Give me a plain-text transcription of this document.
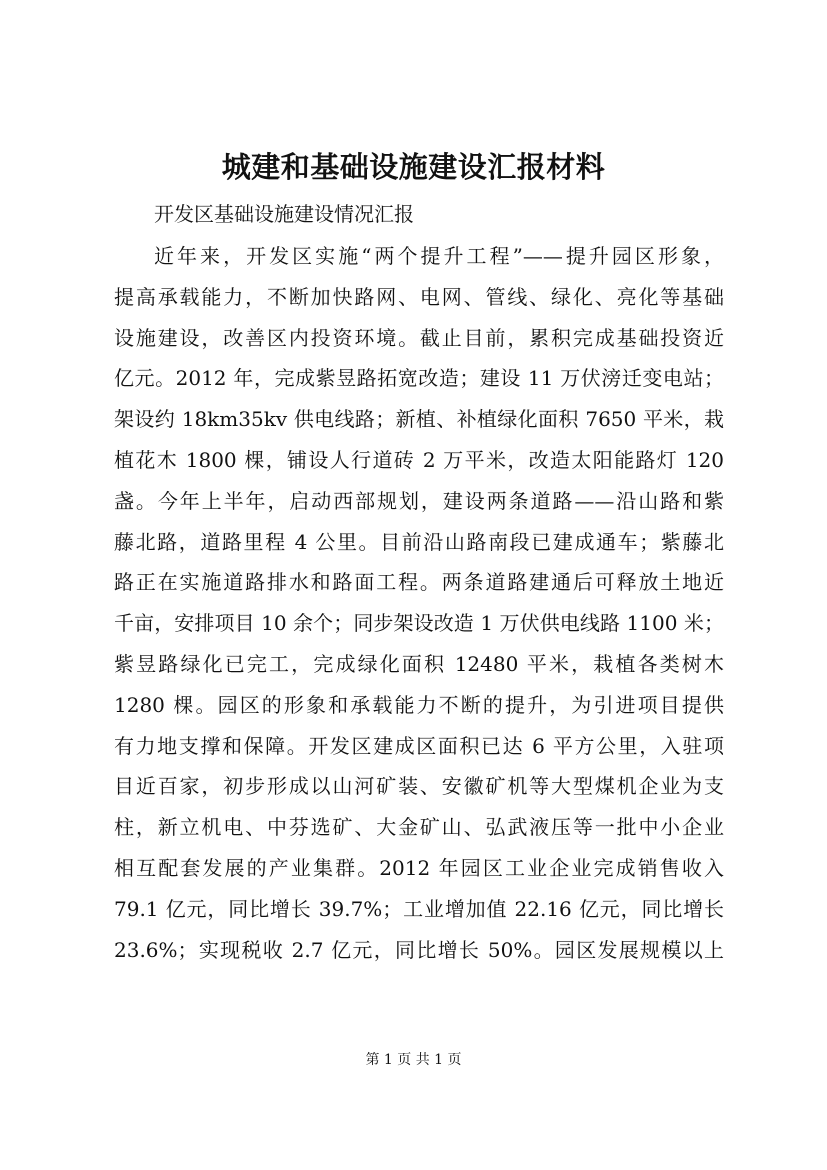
城建和基础设施建设汇报材料
开发区基础设施建设情况汇报
近年来，开发区实施“两个提升工程”——提升园区形象，
提高承载能力，不断加快路网、电网、管线、绿化、亮化等基础
设施建设，改善区内投资环境。截止目前，累积完成基础投资近
亿元。2012 年，完成紫昱路拓宽改造；建设 11 万伏滂迁变电站；
架设约 18km35kv 供电线路；新植、补植绿化面积 7650 平米，栽
植花木 1800 棵，铺设人行道砖 2 万平米，改造太阳能路灯 120
盏。今年上半年，启动西部规划，建设两条道路——沿山路和紫
藤北路，道路里程 4 公里。目前沿山路南段已建成通车；紫藤北
路正在实施道路排水和路面工程。两条道路建通后可释放土地近
千亩，安排项目 10 余个；同步架设改造 1 万伏供电线路 1100 米；
紫昱路绿化已完工，完成绿化面积 12480 平米，栽植各类树木
1280 棵。园区的形象和承载能力不断的提升，为引进项目提供
有力地支撑和保障。开发区建成区面积已达 6 平方公里，入驻项
目近百家，初步形成以山河矿装、安徽矿机等大型煤机企业为支
柱，新立机电、中芬选矿、大金矿山、弘武液压等一批中小企业
相互配套发展的产业集群。2012 年园区工业企业完成销售收入
79.1 亿元，同比增长 39.7%；工业增加值 22.16 亿元，同比增长
23.6%；实现税收 2.7 亿元，同比增长 50%。园区发展规模以上
第 1 页 共 1 页
